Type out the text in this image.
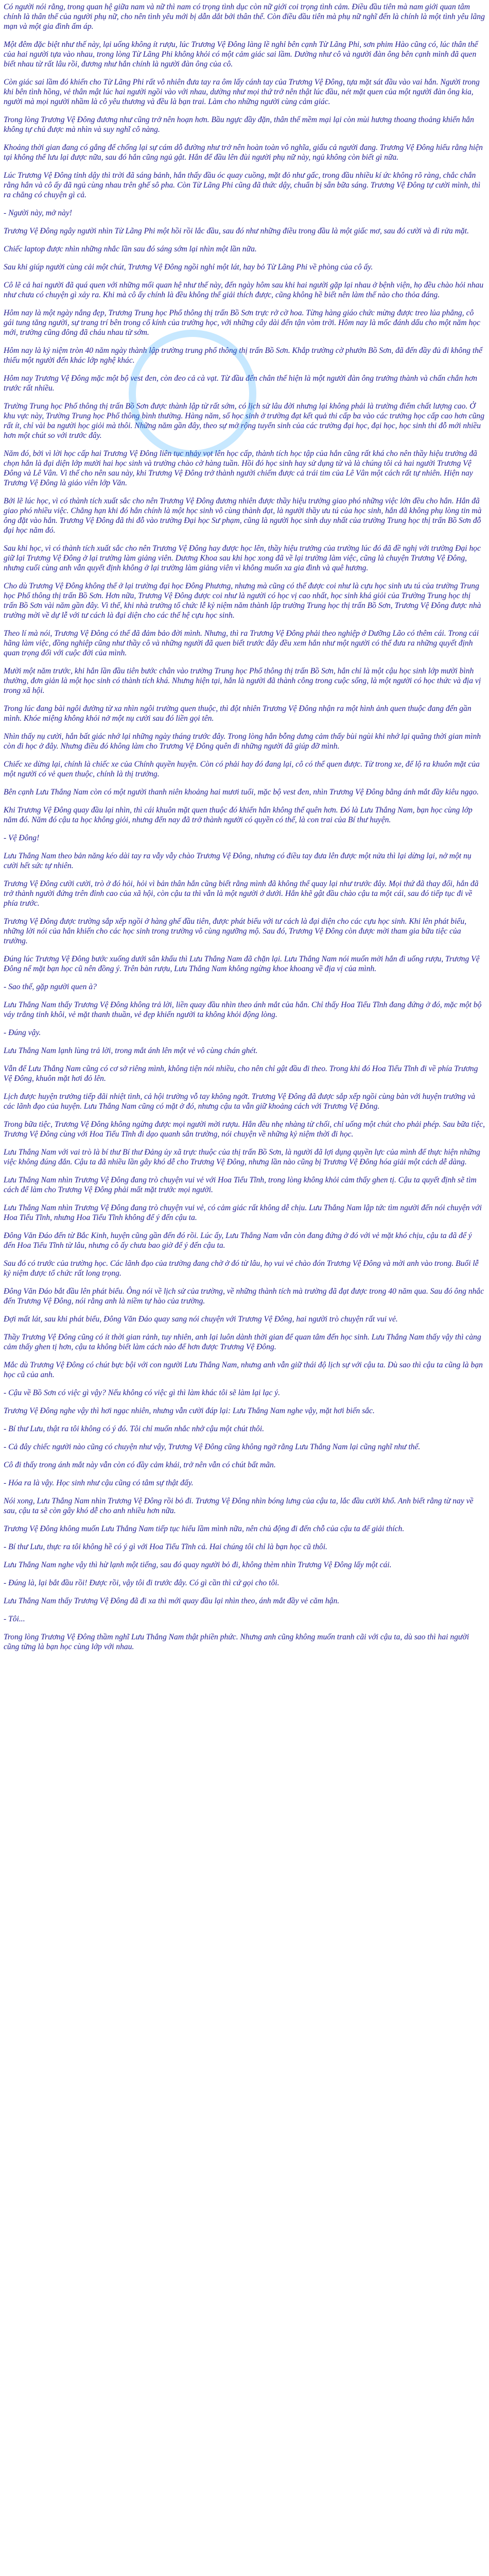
Có người nói rằng, trong quan hệ giữa nam và nữ thì nam có trọng tình dục còn nữ giới coi trọng tình cảm. Điều đầu tiên mà nam giới quan tâm chính là thân thể của người phụ nữ, cho nên tình yêu mới bị dẫn dắt bởi thân thể. Còn điều đầu tiên mà phụ nữ nghĩ đến là chính là một tình yêu lãng mạn và một gia đình ấm áp.

Một đêm đặc biệt như thế này, lại uống không ít rượu, lúc Trương Vệ Đông làng lề nghỉ bên cạnh Từ Lãng Phi, sơn phim Hào cũng có, lúc thân thể của hai người tựa vào nhau, trong lòng Từ Lãng Phi không khỏi có một cảm giác sai lầm. Dường như cô và người đàn ông bên cạnh mình đã quen biết nhau từ rất lâu rồi, đương như hắn chính là người đàn ông của cô.

Còn giác sai lầm đó khiến cho Từ Lãng Phi rất vô nhiên đưa tay ra ôm lấy cánh tay của Trương Vệ Đông, tựa mặt sát đầu vào vai hắn. Người trong khi bên tình hồng, vẻ thân mật lúc hai người ngồi vào với nhau, dường như mọi thứ trở nên thật lúc đầu, nét mặt quen của một người đàn ông kia, người mà mọi người nhầm là cô yêu thương và đều là bạn trai. Làm cho những người cùng cảm giác.

Trong lòng Trương Vệ Đông đương như cũng trở nên hoạn hơn. Bầu ngực đầy đặn, thân thể mềm mại lại còn mùi hương thoang thoảng khiến hắn không tự chủ được mà nhìn và suy nghĩ cô nàng.

Khoảng thời gian đang có gắng để chống lại sự cám dỗ đường như trở nên hoàn toàn vô nghĩa, giấu cả người đang. Trương Vệ Đông hiểu rằng hiện tại không thể lưu lại được nữa, sau đó hắn cũng ngủ gật. Hắn để đầu lên đùi người phụ nữ này, ngủ không còn biết gì nữa.

Lúc Trương Vệ Đông tỉnh dậy thì trời đã sáng bảnh, hắn thấy đầu óc quay cuồng, mặt đỏ như gấc, trong đầu nhiều kí ức không rõ ràng, chắc chắn rằng hắn và cô ấy đã ngủ cùng nhau trên ghế sô pha. Còn Từ Lãng Phi cũng đã thức dậy, chuẩn bị sẵn bữa sáng. Trương Vệ Đông tự cười mình, thì ra chẳng có chuyện gì cả.

- Người này, mở này!

Trương Vệ Đông ngây người nhìn Từ Lãng Phi một hồi rồi lắc đầu, sau đó như những điều trong đầu là một giấc mơ, sau đó cười và đi rửa mặt.

Chiếc laptop được nhìn những nhắc lần sau đó sáng sớm lại nhìn một lần nữa.

Sau khi giúp người cùng cải một chút, Trương Vệ Đông ngồi nghỉ một lát, hay bỏ Từ Lãng Phi về phòng của cô ấy.

Cô lẽ cả hai người đã quá quen với những mối quan hệ như thế này, đến ngày hôm sau khi hai người gặp lại nhau ở bệnh viện, họ đều chào hỏi nhau như chưa có chuyện gì xảy ra. Khi mà cô ấy chính là đều không thể giải thích được, cũng không hề biết nên làm thế nào cho thỏa đáng.

Hôm nay là một ngày nắng đẹp, Trương Trung học Phổ thông thị trấn Bồ Sơn trực rở cờ hoa. Từng hàng giáo chức mừng được treo lủa phẳng, cô gái tung tăng người, sự trang trí bên trong cổ kính của trường học, với những cây dài đến tận vòm trời. Hôm nay là mốc đánh dấu cho một năm học mới, trường cũng đông đã cháu nhau từ sớm.

Hôm nay là kỷ niệm tròn 40 năm ngày thành lập trường trung phổ thông thị trấn Bồ Sơn. Khắp trường cờ phướn Bồ Sơn, đã đến đầy đủ đi không thể thiếu một người đến khác lớp nghệ khác.

Hôm nay Trương Vệ Đông mặc một bộ vest đen, còn đeo cả cà vạt. Từ đầu đến chân thể hiện là một người đàn ông trưởng thành và chấn chắn hơn trước rất nhiều.

Trường Trung học Phổ thông thị trấn Bồ Sơn được thành lập từ rất sớm, có lịch sử lâu đời nhưng lại không phải là trường điểm chất lượng cao. Ở khu vực này, Trường Trung học Phổ thông bình thường. Hàng năm, số học sinh ở trường đạt kết quả thi cấp ba vào các trường học cấp cao hơn cũng rất ít, chỉ vài ba người học giỏi mà thôi. Những năm gần đây, theo sự mở rộng tuyển sinh của các trường đại học, đại học, học sinh thi đỗ mới nhiều hơn một chút so với trước đây.

Năm đó, bởi vì lời học cấp hai Trương Vệ Đông liên tục nhảy vọt lên học cấp, thành tích học tập của hắn cũng rất khá cho nên thầy hiệu trưởng đã chọn hắn là đại diện lớp mười hai học sinh và trường chào cờ hàng tuần. Hồi đó học sinh hay sử dụng từ và là chúng tôi cả hai người Trương Vệ Đông và Lê Vân. Vì thế cho nên sau này, khi Trương Vệ Đông trở thành người chiếm được cả trái tim của Lê Vân một cách rất tự nhiên. Hiện nay Trương Vệ Đông là giáo viên lớp Văn.

Bởi lẽ lúc học, vì có thành tích xuất sắc cho nên Trương Vệ Đông đương nhiên được thầy hiệu trưởng giao phó những việc lớn đều cho hắn. Hắn đã giao phó nhiều việc. Chẳng hạn khi đó hắn chính là một học sinh vô cùng thành đạt, là người thầy ưu tú của học sinh, hắn đã không phụ lòng tin mà ông đặt vào hắn. Trương Vệ Đông đã thi đỗ vào trường Đại học Sư phạm, cũng là người học sinh duy nhất của trường Trung học thị trấn Bồ Sơn đỗ đại học năm đó.

Sau khi học, vì có thành tích xuất sắc cho nên Trương Vệ Đông hay được học lên, thầy hiệu trưởng của trường lúc đó đã đề nghị với trường Đại học giữ lại Trương Vệ Đông ở lại trường làm giảng viên. Dương Khoa sau khi học xong đã về lại trường làm việc, cũng là chuyện Trương Vệ Đông, nhưng cuối cùng anh vẫn quyết định không ở lại trường làm giảng viên vì không muốn xa gia đình và quê hương.

Cho dù Trương Vệ Đông không thể ở lại trường đại học Đông Phương, nhưng mà cũng có thể được coi như là cựu học sinh ưu tú của trường Trung học Phổ thông thị trấn Bồ Sơn. Hơn nữa, Trương Vệ Đông được coi như là người có học vị cao nhất, học sinh khá giỏi của Trường Trung học thị trấn Bồ Sơn vài năm gần đây. Vì thế, khi nhà trường tổ chức lễ kỷ niệm năm thành lập trường Trung học thị trấn Bồ Sơn, Trương Vệ Đông được nhà trường mời về dự lễ với tư cách là đại diện cho các thế hệ cựu học sinh.

Theo lí mà nói, Trương Vệ Đông có thể đã đảm bảo đời mình. Nhưng, thì ra Trương Vệ Đông phải theo nghiệp ở Dưỡng Lão có thêm cái. Trong cái hãng làm việc, đồng nghiệp cũng như thầy cô và những người đã quen biết trước đây đều xem hắn như một người có thể đưa ra những quyết định quan trọng đối với cuộc đời của mình.

Mười một năm trước, khi hắn lần đầu tiên bước chân vào trường Trung học Phổ thông thị trấn Bồ Sơn, hắn chỉ là một cậu học sinh lớp mười bình thường, đơn giản là một học sinh có thành tích khá. Nhưng hiện tại, hắn là người đã thành công trong cuộc sống, là một người có học thức và địa vị trong xã hội.

Trong lúc đang bài ngôi đường từ xa nhìn ngôi trường quen thuộc, thì đột nhiên Trương Vệ Đông nhận ra một hình ảnh quen thuộc đang đến gần mình. Khóe miệng không khỏi nở một nụ cười sau đó liền gọi tên.

Nhìn thấy nụ cười, hắn bất giác nhớ lại những ngày tháng trước đây. Trong lòng hắn bỗng dưng cảm thấy bùi ngùi khi nhớ lại quãng thời gian mình còn đi học ở đây. Nhưng điều đó không làm cho Trương Vệ Đông quên đi những người đã giúp đỡ mình.

Chiếc xe dừng lại, chính là chiếc xe của Chính quyền huyện. Còn có phải hay đó đang lại, cô có thể quen được. Từ trong xe, để lộ ra khuôn mặt của một người có vẻ quen thuộc, chính là thị trưởng.

Bên cạnh Lưu Thắng Nam còn có một người thanh niên khoảng hai mươi tuổi, mặc bộ vest đen, nhìn Trương Vệ Đông bằng ánh mắt đầy kiêu ngạo.

Khi Trương Vệ Đông quay đầu lại nhìn, thì cái khuôn mặt quen thuộc đó khiến hắn không thể quên hơn. Đó là Lưu Thắng Nam, bạn học cùng lớp năm đó. Năm đó cậu ta học không giỏi, nhưng đến nay đã trở thành người có quyền có thế, là con trai của Bí thư huyện.

- Vệ Đông!

Lưu Thắng Nam theo bản năng kéo dài tay ra vẫy vẫy chào Trương Vệ Đông, nhưng có điều tay đưa lên được một nửa thì lại dừng lại, nở một nụ cười hết sức tự nhiên.

Trương Vệ Đông cười cười, trò ở đó hỏi, hỏi vì bản thân hắn cũng biết rằng mình đã không thể quay lại như trước đây. Mọi thứ đã thay đổi, hắn đã trở thành người đứng trên đỉnh cao của xã hội, còn cậu ta thì vẫn là một người ở dưới. Hắn khẽ gật đầu chào cậu ta một cái, sau đó tiếp tục đi về phía trước.

Trương Vệ Đông được trường sắp xếp ngồi ở hàng ghế đầu tiên, được phát biểu với tư cách là đại diện cho các cựu học sinh. Khi lên phát biểu, những lời nói của hắn khiến cho các học sinh trong trường vô cùng ngưỡng mộ. Sau đó, Trương Vệ Đông còn được mời tham gia bữa tiệc của trường.

Đúng lúc Trương Vệ Đông bước xuống dưới sân khấu thì Lưu Thắng Nam đã chặn lại. Lưu Thắng Nam nói muốn mời hắn đi uống rượu, Trương Vệ Đông nể mặt bạn học cũ nên đồng ý. Trên bàn rượu, Lưu Thắng Nam không ngừng khoe khoang về địa vị của mình.

- Sao thế, gặp người quen à?

Lưu Thắng Nam thấy Trương Vệ Đông không trả lời, liền quay đầu nhìn theo ánh mắt của hắn. Chỉ thấy Hoa Tiểu Tĩnh đang đứng ở đó, mặc một bộ váy trắng tinh khôi, vẻ mặt thanh thuần, vẻ đẹp khiến người ta không khỏi động lòng.

- Đúng vậy.

Lưu Thắng Nam lạnh lùng trả lời, trong mắt ánh lên một vẻ vô cùng chán ghét.

Vẫn để Lưu Thắng Nam cũng có cơ sở riêng mình, không tiện nói nhiều, cho nên chỉ gật đầu đi theo. Trong khi đó Hoa Tiểu Tĩnh đi về phía Trương Vệ Đông, khuôn mặt hơi đỏ lên.

Lịch được huyện trưởng tiếp đãi nhiệt tình, cả hội trường vỗ tay không ngớt. Trương Vệ Đông đã được sắp xếp ngồi cùng bàn với huyện trưởng và các lãnh đạo của huyện. Lưu Thắng Nam cũng có mặt ở đó, nhưng cậu ta vẫn giữ khoảng cách với Trương Vệ Đông.

Trong bữa tiệc, Trương Vệ Đông không ngừng được mọi người mời rượu. Hắn đều nhẹ nhàng từ chối, chỉ uống một chút cho phải phép. Sau bữa tiệc, Trương Vệ Đông cùng với Hoa Tiểu Tĩnh đi dạo quanh sân trường, nói chuyện về những kỷ niệm thời đi học.

Lưu Thắng Nam với vai trò là bí thư Bí thư Đảng ủy xã trực thuộc của thị trấn Bồ Sơn, là người đã lợi dụng quyền lực của mình để thực hiện những việc không đúng đắn. Cậu ta đã nhiều lần gây khó dễ cho Trương Vệ Đông, nhưng lần nào cũng bị Trương Vệ Đông hóa giải một cách dễ dàng.

Lưu Thắng Nam nhìn Trương Vệ Đông đang trò chuyện vui vẻ với Hoa Tiểu Tĩnh, trong lòng không khỏi cảm thấy ghen tị. Cậu ta quyết định sẽ tìm cách để làm cho Trương Vệ Đông phải mất mặt trước mọi người.

Lưu Thắng Nam nhìn Trương Vệ Đông đang trò chuyện vui vẻ, có cảm giác rất không dễ chịu. Lưu Thắng Nam lập tức tìm người đến nói chuyện với Hoa Tiểu Tĩnh, nhưng Hoa Tiểu Tĩnh không để ý đến cậu ta.

Đông Văn Đáo đến từ Bắc Kinh, huyện cũng gần đến đó rồi. Lúc ấy, Lưu Thắng Nam vẫn còn đang đứng ở đó với vẻ mặt khó chịu, cậu ta đã để ý đến Hoa Tiểu Tĩnh từ lâu, nhưng cô ấy chưa bao giờ để ý đến cậu ta.

Sau đó có trước của trường học. Các lãnh đạo của trường đang chờ ở đó từ lâu, họ vui vẻ chào đón Trương Vệ Đông và mời anh vào trong. Buổi lễ kỷ niệm được tổ chức rất long trọng.

Đông Văn Đáo bắt đầu lên phát biểu. Ông nói về lịch sử của trường, về những thành tích mà trường đã đạt được trong 40 năm qua. Sau đó ông nhắc đến Trương Vệ Đông, nói rằng anh là niềm tự hào của trường.

Đợi mất lát, sau khi phát biểu, Đông Văn Đáo quay sang nói chuyện với Trương Vệ Đông, hai người trò chuyện rất vui vẻ.

Thầy Trương Vệ Đông cũng có ít thời gian rảnh, tuy nhiên, anh lại luôn dành thời gian để quan tâm đến học sinh. Lưu Thắng Nam thấy vậy thì càng cảm thấy ghen tị hơn, cậu ta không biết làm cách nào để hơn được Trương Vệ Đông.

Mắc dù Trương Vệ Đông có chút bực bội với con người Lưu Thắng Nam, nhưng anh vẫn giữ thái độ lịch sự với cậu ta. Dù sao thì cậu ta cũng là bạn học cũ của anh.

- Cậu về Bồ Sơn có việc gì vậy? Nếu không có việc gì thì làm khác tôi sẽ làm lại lạc ý.

Trương Vệ Đông nghe vậy thì hơi ngạc nhiên, nhưng vẫn cười đáp lại: Lưu Thắng Nam nghe vậy, mặt hơi biến sắc.

- Bí thư Lưu, thật ra tôi không có ý đó. Tôi chỉ muốn nhắc nhở cậu một chút thôi.

- Cả đây chiếc người nào cũng có chuyện như vậy, Trương Vệ Đông cũng không ngờ rằng Lưu Thắng Nam lại cũng nghĩ như thế.

Cô đi thấy trong ánh mắt này vẫn còn có đầy cảm khái, trở nên vẫn có chút bất mãn.

- Hóa ra là vậy. Học sinh như cậu cũng có tâm sự thật đấy.

Nói xong, Lưu Thắng Nam nhìn Trương Vệ Đông rồi bỏ đi. Trương Vệ Đông nhìn bóng lưng của cậu ta, lắc đầu cười khổ. Anh biết rằng từ nay về sau, cậu ta sẽ còn gây khó dễ cho anh nhiều hơn nữa.

Trương Vệ Đông không muốn Lưu Thắng Nam tiếp tục hiểu lầm mình nữa, nên chủ động đi đến chỗ của cậu ta để giải thích.

- Bí thư Lưu, thực ra tôi không hề có ý gì với Hoa Tiểu Tĩnh cả. Hai chúng tôi chỉ là bạn học cũ thôi.

Lưu Thắng Nam nghe vậy thì hừ lạnh một tiếng, sau đó quay người bỏ đi, không thèm nhìn Trương Vệ Đông lấy một cái.

- Đúng là, lại bắt đầu rồi! Được rồi, vậy tôi đi trước đây. Có gì cần thì cứ gọi cho tôi.

Lưu Thắng Nam thấy Trương Vệ Đông đã đi xa thì mới quay đầu lại nhìn theo, ánh mắt đầy vẻ căm hận.

- Tôi...

Trong lòng Trương Vệ Đông thầm nghĩ Lưu Thắng Nam thật phiền phức. Nhưng anh cũng không muốn tranh cãi với cậu ta, dù sao thì hai người cũng từng là bạn học cùng lớp với nhau.
